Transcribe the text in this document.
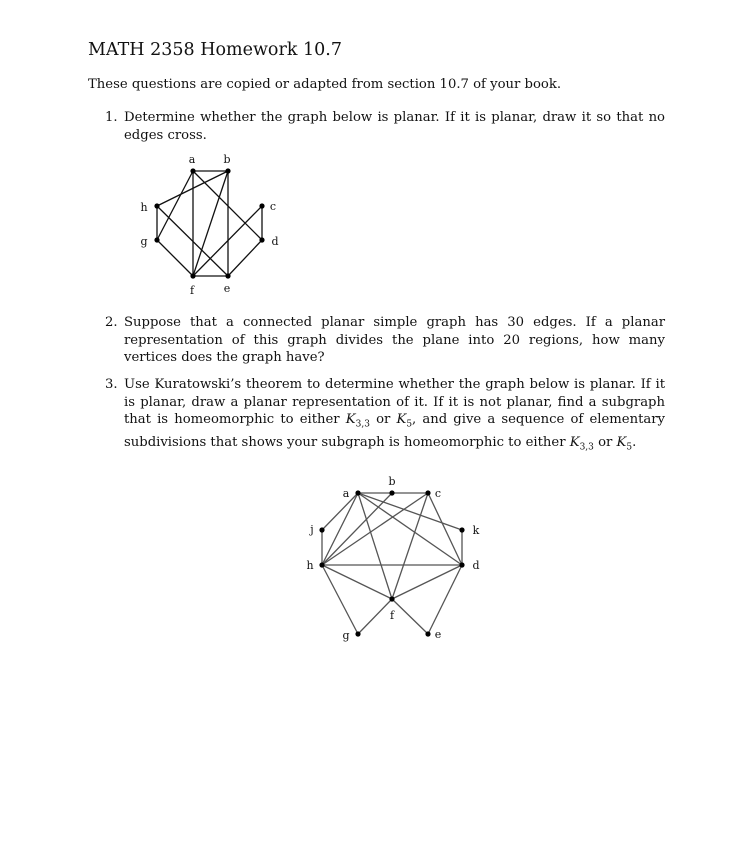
MATH 2358 Homework 10.7
These questions are copied or adapted from section 10.7 of your book.
1. Determine whether the graph below is planar. If it is planar, draw it so that no edges cross.
2. Suppose that a connected planar simple graph has 30 edges. If a planar representation of this graph divides the plane into 20 regions, how many vertices does the graph have?
3. Use Kuratowski’s theorem to determine whether the graph below is planar. If it is planar, draw a planar representation of it. If it is not planar, find a subgraph that is homeomorphic to either $K_{3,3}$ or $K_5$, and give a sequence of elementary subdivisions that shows your subgraph is homeomorphic to either $K_{3,3}$ or $K_5$.
a	b
c
d
e
f
g
h
a
b
c
d
e
f
g
h
j	k
